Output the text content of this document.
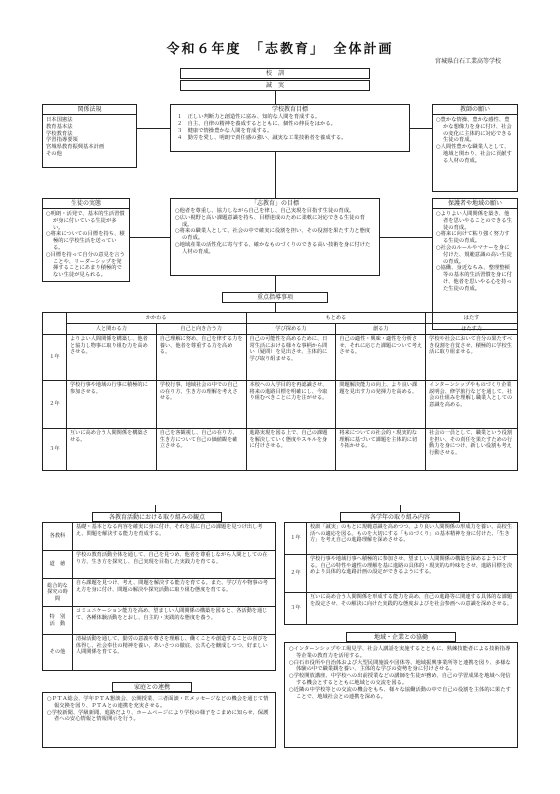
令和６年度　「志教育」　全体計画
宮城県白石工業高等学校
校　訓
誠　実
関係法規
日本国憲法
教育基本法
学校教育法
学習指導要領
宮城県教育振興基本計画
その他
学校教育目標
１　正しい判断力と創造性に富み、知的な人間を育成する。
２　自主、自律の精神を養成するとともに、個性の伸長をはかる。
３　健康で情操豊かな人間を育成する。
４　勤労を愛し、明朗で責任感の強い、誠実な工業技術者を養成する。
教師の願い
○豊かな情操、豊かな感性、豊かな想像力を身に付け、社会の変化に主体的に対応できる生徒の育成。
○人間性豊かな職業人として、地域と関わり、社会に貢献する人材の育成。
生徒の実態
○明朗・活発で、基本的生活習慣が身に付いている生徒が多い。
○将来についての目標を持ち、積極的に学校生活を送っている。
○目標を持って自分の意見を言うことや、リーダーシップを発揮することにあまり積極的でない生徒が見られる。
「志教育」の目標
○他者を尊重し、協力しながら自己を律し、自己実現を目指す生徒の育成。
○広い視野と高い課題意識を持ち、目標達成のために柔軟に対応できる生徒の育成。
○将来の職業人として、社会の中で確実に役割を担い、その役割を果たす力と態度の育成。
○地域産業の活性化に寄与する、確かなものづくりのできる高い技術を身に付けた人材の育成。
保護者や地域の願い
○よりよい人間関係を築き、他者を思いやることのできる生徒の育成。
○将来に向けて粘り強く努力する生徒の育成。
○社会のルールやマナーを身に付けた、規範意識の高い生徒の育成。
○協働、身近なちみ、整理整頓等の基本的生活習慣を身に付け、他者を思いやる心を持った生徒の育成。
重点指導事項
	かかわる		もとめる		はたす
	人と関わる力	自己と向き合う力	学び探める力	創る力	はたす力
１年	よりよい人間関係を構築し、他者と協力し物事に取り組む力を高めさせる。	自己理解に努め、自己を律する力を養い、他者を尊重する力を高める。	自己の可能性を高めるために、日常生活における様々な事柄から問い（疑問）を見出させ、主体的に学び取り組ませる。	自己の適性・興味・適性を分析させ、それに応じた課題について考えさせる。	学校や社会において自分の果たすべき役割を自覚させ、積極的に学校生活に取り組ませる。
２年	学校行事や地域の行事に積極的に参加させる。	学校行事、地域社会の中での自己の在り方、生き方の理解を考えさせる。	本校への入学目的を再認識させ、将来の進路目標を明確にし、今取り組むべきことに力を注がせる。	問題解決能力の向上、より良い課題を見出す力の発揮力を高める。	インターンシップやものづくり企業説明会、修学旅行などを通して、社会の仕組みを理解し職業人としての意識を高める。
３年	互いに高め合う人間関係を構築させる。	自己を客観視し、自己の在り方、生き方について自己の価値観を確立させる。	進路実現を図る上で、自己の課題を解決していく態度やスキルを身に付けさせる。	将来についての社会的・現実的な理解に基づいて課題を主体的に切り拓かせる。	社会の一員として、職業という役割を担い、その責任を果たすための行動力を身につけ、新しい役割も考え行動させる。
各教育活動における取り組みの観点
各教科	基礎・基本となる内容を確実に身に付け、それを基に自己の課題を見つけ出し考え、問題を解決する能力を育成する。
道　徳	学校の教育活動全体を通して、自己を見つめ、他者を尊重しながら人間としての在り方、生き方を探究し、自己実現を目指した実践力を育てる。
総合的な探究の時間	自ら課題を見つけ、考え、問題を解決する能力を育てる。また、学び方や物事の考え方を身に付け、問題の解決や探究活動に取り組む態度を育てる。
特　別　活　動	コミュニケーション能力を高め、望ましい人間関係の構築を図ると、各活動を通じて、各種体験活動をとおし、自主的・実践的な態度を養う。
その他	清掃活動を通して、勤労の意義や尊さを理解し、働くことや創造することの喜びを体得し、社会奉仕の精神を養い、あいさつの徹底、公共心を醸成しつつ、好ましい人間関係を育てる。
各学年の取り組み内容
１年	校訓「誠実」のもとに規範意識を高めつつ、より良い人間関係の形成力を養い、高校生活への適応を図る。ものを大切にする「ものづくり」の基本精神を身に付けた、「生き方」を考え自己の進路理解を深めさせる。
２年	学校行事や地域行事へ積極的に参加させ、望ましい人間関係の構築を深めるようにする。自己の特性や適性の理解を基に進路の具体的・現実的な吟味をさせ、進路目標を決めより具体的な進路計画の設定ができるようにする。
３年	互いに高め合う人間関係を形成する能力を高め、自己の進路等に関連する具体的な課題を設定させ、その解決に向けた実践的な態度およびを社会参画への意識を深めさせる。
地域・企業との協働
○インターンシップや工場見学、社会人講話を実施するとともに、熟練技能者による技術指導等企業の教育力を活用する。
○白石市役所や自治体および大型民間施設や団体等、地域振興事業所等と連携を図り、多様な体験の中で職業観を養い、主体的な学びの姿勢を身に付けさせる。
○学校開放講座、中学校への出前授業などの講師を生徒が務め、自己の学習成果を地域へ発信する機会とするとともに地域との交流を図る。
○近隣の中学校等との交流の機会をもち、様々な協働活動の中で自己の役割を主体的に果たすことで、地域社会との連携を深める。
家庭との連携
○ＰＴＡ総会、学年ＰＴＡ懇談会、公開授業、三者面談・Ｅメッセージなどの機会を通じて情報交換を図り、ＰＴＡとの連携を充実させる。
○学校新聞、学級新聞、進路だより、ホームページにより学校の様子をこまめに知らせ、保護者への安心情報と情報開示を行う。
